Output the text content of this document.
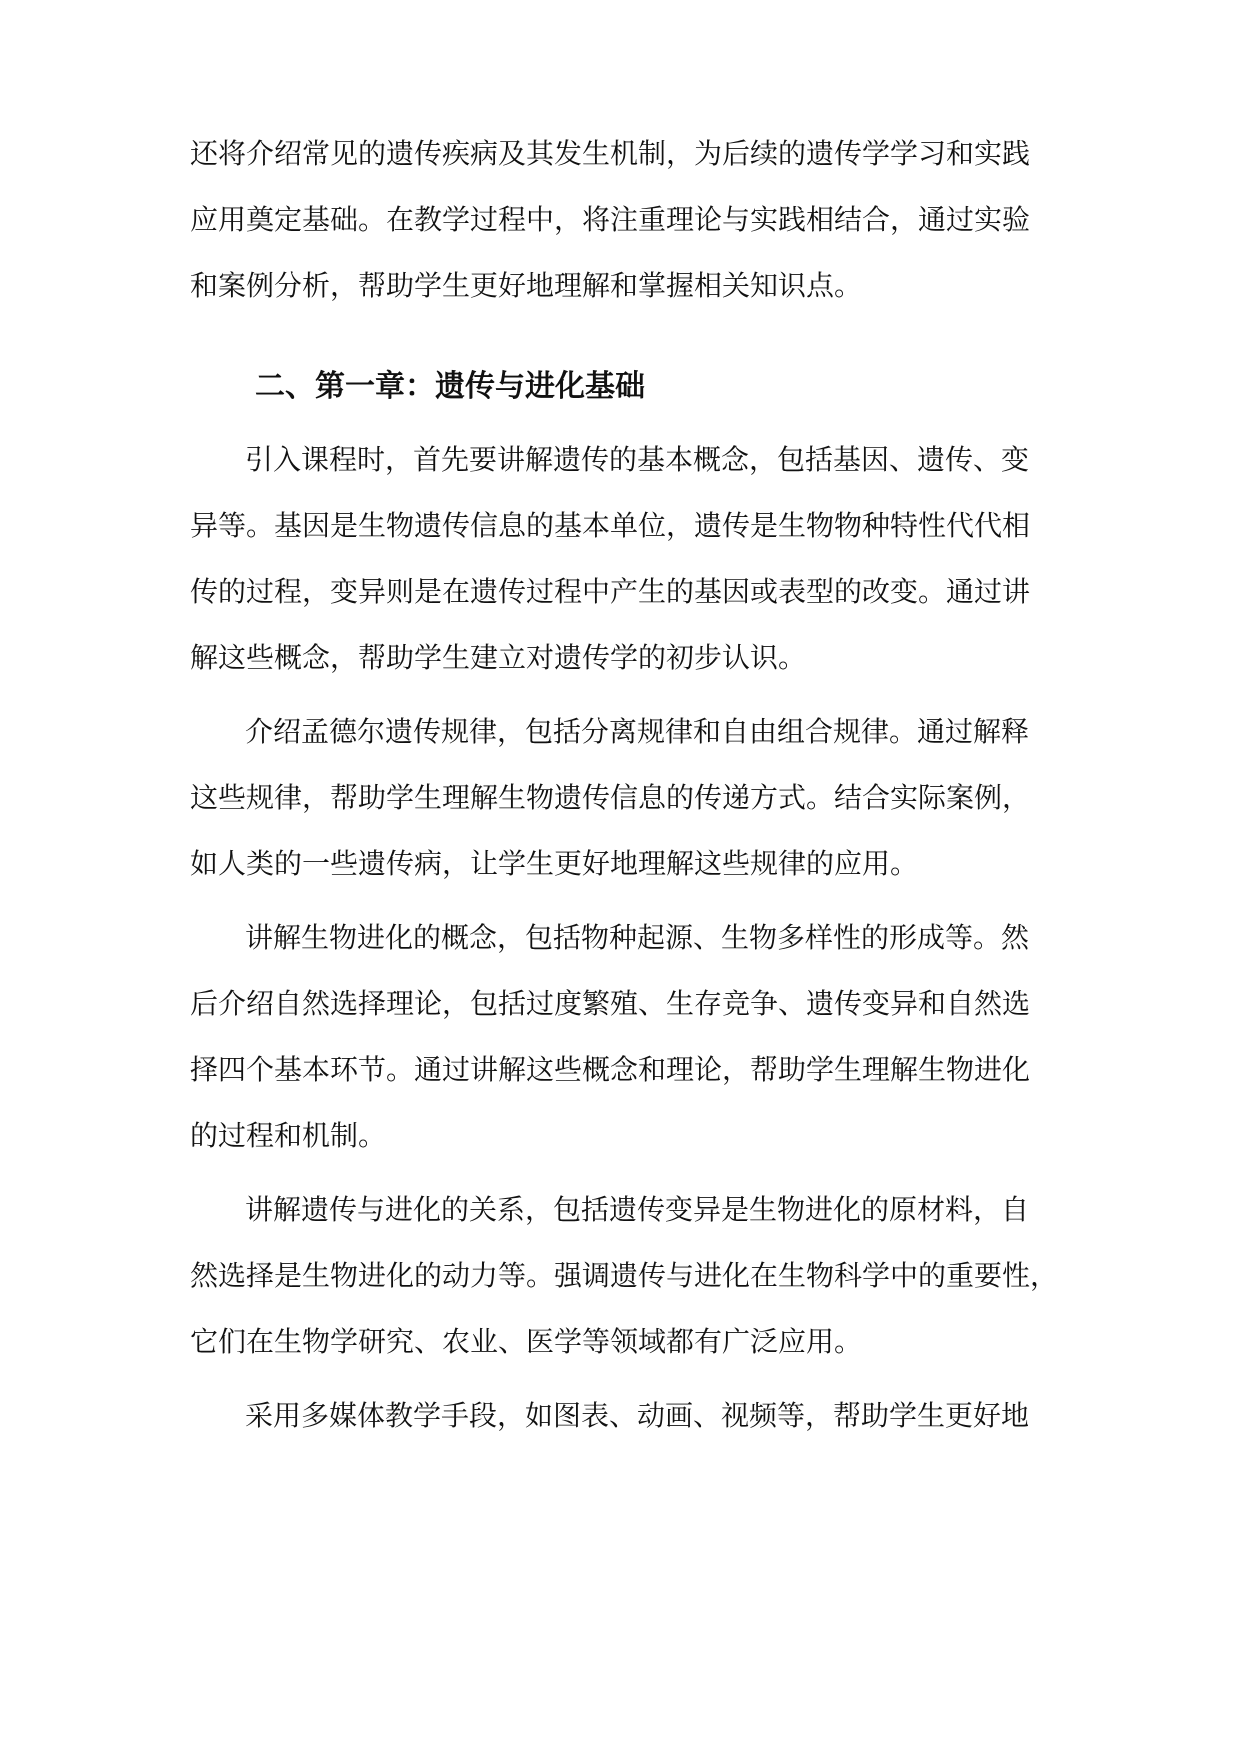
还将介绍常见的遗传疾病及其发生机制，为后续的遗传学学习和实践
应用奠定基础。在教学过程中，将注重理论与实践相结合，通过实验
和案例分析，帮助学生更好地理解和掌握相关知识点。
二、第一章：遗传与进化基础
引入课程时，首先要讲解遗传的基本概念，包括基因、遗传、变
异等。基因是生物遗传信息的基本单位，遗传是生物物种特性代代相
传的过程，变异则是在遗传过程中产生的基因或表型的改变。通过讲
解这些概念，帮助学生建立对遗传学的初步认识。
介绍孟德尔遗传规律，包括分离规律和自由组合规律。通过解释
这些规律，帮助学生理解生物遗传信息的传递方式。结合实际案例，
如人类的一些遗传病，让学生更好地理解这些规律的应用。
讲解生物进化的概念，包括物种起源、生物多样性的形成等。然
后介绍自然选择理论，包括过度繁殖、生存竞争、遗传变异和自然选
择四个基本环节。通过讲解这些概念和理论，帮助学生理解生物进化
的过程和机制。
讲解遗传与进化的关系，包括遗传变异是生物进化的原材料，自
然选择是生物进化的动力等。强调遗传与进化在生物科学中的重要性，
它们在生物学研究、农业、医学等领域都有广泛应用。
采用多媒体教学手段，如图表、动画、视频等，帮助学生更好地
